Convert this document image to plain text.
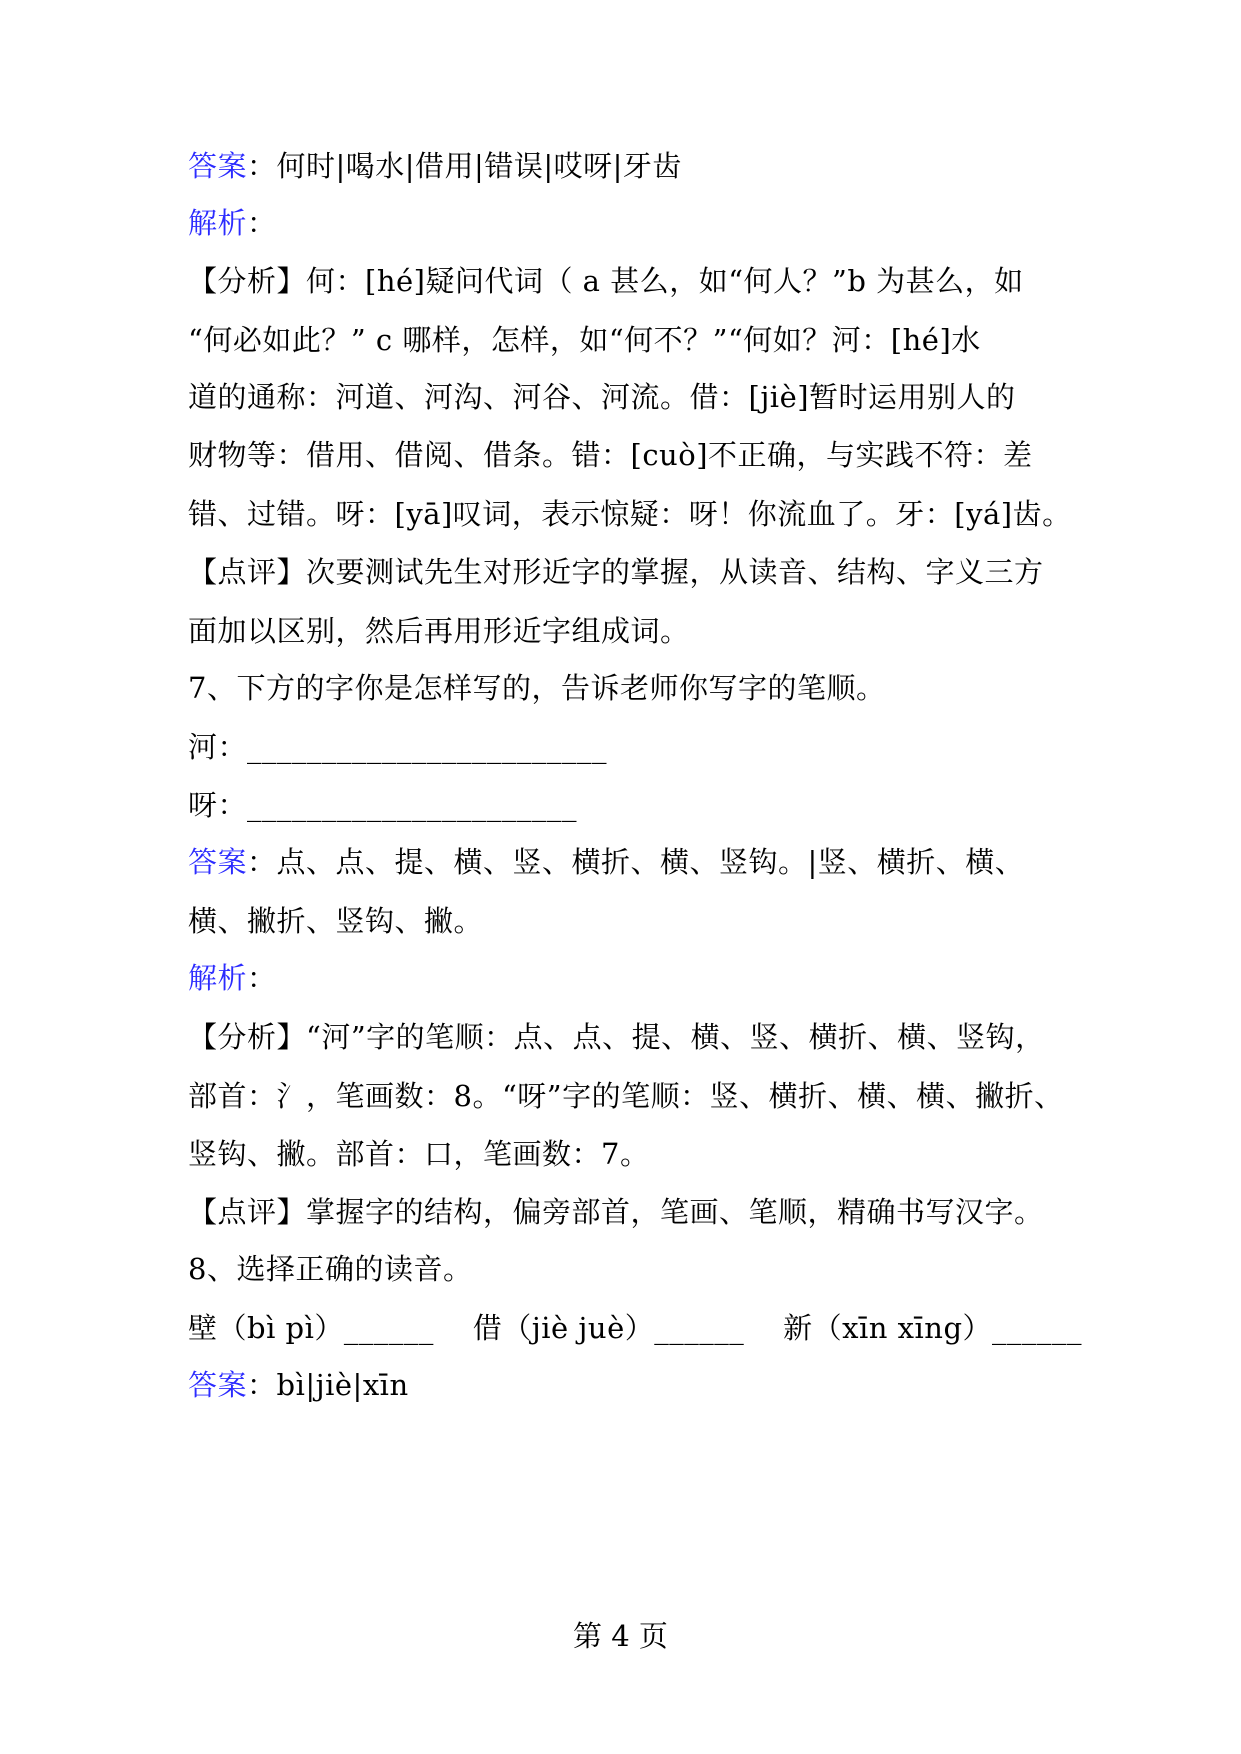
答案：何时|喝水|借用|错误|哎呀|牙齿
解析：
【分析】何：[hé]疑问代词（ a 甚么，如“何人？”b 为甚么，如
“何必如此？” c 哪样，怎样，如“何不？”“何如？河：[hé]水
道的通称：河道、河沟、河谷、河流。借：[jiè]暂时运用别人的
财物等：借用、借阅、借条。错：[cuò]不正确，与实践不符：差
错、过错。呀：[yā]叹词，表示惊疑：呀！你流血了。牙：[yá]齿。
【点评】次要测试先生对形近字的掌握，从读音、结构、字义三方
面加以区别，然后再用形近字组成词。
7、下方的字你是怎样写的，告诉老师你写字的笔顺。
河：________________________
呀：______________________
答案：点、点、提、横、竖、横折、横、竖钩。|竖、横折、横、
横、撇折、竖钩、撇。
解析：
【分析】“河”字的笔顺：点、点、提、横、竖、横折、横、竖钩，
部首：氵，笔画数：8。“呀”字的笔顺：竖、横折、横、横、撇折、
竖钩、撇。部首：口，笔画数：7。
【点评】掌握字的结构，偏旁部首，笔画、笔顺，精确书写汉字。
8、选择正确的读音。
壁（bì pì）______    借（jiè juè）______    新（xīn xīng）______
答案：bì|jiè|xīn
第 4 页
